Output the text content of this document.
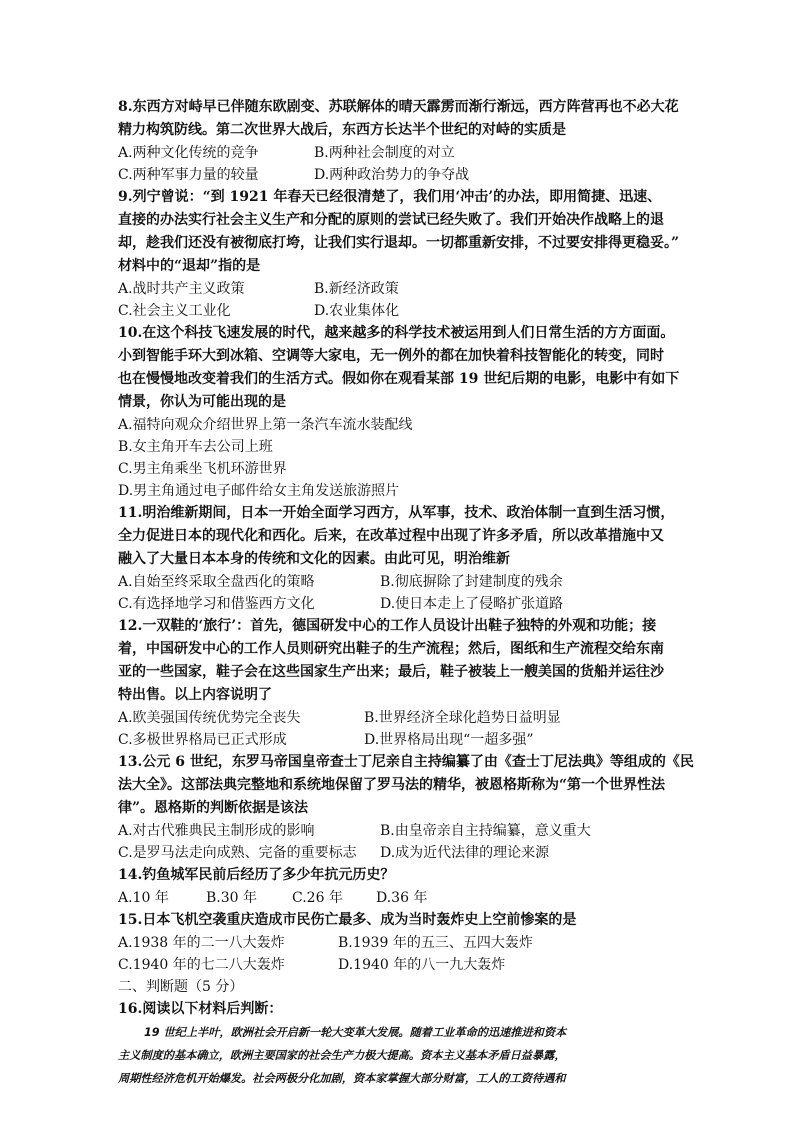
8.东西方对峙早已伴随东欧剧变、苏联解体的晴天霹雳而渐行渐远，西方阵营再也不必大花
精力构筑防线。第二次世界大战后，东西方长达半个世纪的对峙的实质是
A.两种文化传统的竞争	B.两种社会制度的对立
C.两种军事力量的较量	D.两种政治势力的争夺战
9.列宁曾说：“到 1921 年春天已经很清楚了，我们用‘冲击’的办法，即用简捷、迅速、
直接的办法实行社会主义生产和分配的原则的尝试已经失败了。我们开始决作战略上的退
却，趁我们还没有被彻底打垮，让我们实行退却。一切都重新安排，不过要安排得更稳妥。”
材料中的“退却”指的是
A.战时共产主义政策	B.新经济政策
C.社会主义工业化	D.农业集体化
10.在这个科技飞速发展的时代，越来越多的科学技术被运用到人们日常生活的方方面面。
小到智能手环大到冰箱、空调等大家电，无一例外的都在加快着科技智能化的转变，同时
也在慢慢地改变着我们的生活方式。假如你在观看某部 19 世纪后期的电影，电影中有如下
情景，你认为可能出现的是
A.福特向观众介绍世界上第一条汽车流水装配线
B.女主角开车去公司上班
C.男主角乘坐飞机环游世界
D.男主角通过电子邮件给女主角发送旅游照片
11.明治维新期间，日本一开始全面学习西方，从军事，技术、政治体制一直到生活习惯，
全力促进日本的现代化和西化。后来，在改革过程中出现了许多矛盾，所以改革措施中又
融入了大量日本本身的传统和文化的因素。由此可见，明治维新
A.自始至终采取全盘西化的策略	B.彻底摒除了封建制度的残余
C.有选择地学习和借鉴西方文化	D.使日本走上了侵略扩张道路
12.一双鞋的‘旅行’：首先，德国研发中心的工作人员设计出鞋子独特的外观和功能；接
着，中国研发中心的工作人员则研究出鞋子的生产流程；然后，图纸和生产流程交给东南
亚的一些国家，鞋子会在这些国家生产出来；最后，鞋子被装上一艘美国的货船并运往沙
特出售。以上内容说明了
A.欧美强国传统优势完全丧失	B.世界经济全球化趋势日益明显
C.多极世界格局已正式形成	D.世界格局出现“一超多强”
13.公元 6 世纪，东罗马帝国皇帝查士丁尼亲自主持编纂了由《查士丁尼法典》等组成的《民
法大全》。这部法典完整地和系统地保留了罗马法的精华，被恩格斯称为“第一个世界性法
律”。恩格斯的判断依据是该法
A.对古代雅典民主制形成的影响	B.由皇帝亲自主持编纂，意义重大
C.是罗马法走向成熟、完备的重要标志	D.成为近代法律的理论来源
14.钓鱼城军民前后经历了多少年抗元历史？
A.10 年	B.30 年	C.26 年	D.36 年
15.日本飞机空袭重庆造成市民伤亡最多、成为当时轰炸史上空前惨案的是
A.1938 年的二一八大轰炸	B.1939 年的五三、五四大轰炸
C.1940 年的七二八大轰炸	D.1940 年的八一九大轰炸
二、判断题（5 分）
16.阅读以下材料后判断：
19 世纪上半叶，欧洲社会开启新一轮大变革大发展。随着工业革命的迅速推进和资本
主义制度的基本确立，欧洲主要国家的社会生产力极大提高。资本主义基本矛盾日益暴露，
周期性经济危机开始爆发。社会两极分化加剧，资本家掌握大部分财富，工人的工资待遇和
